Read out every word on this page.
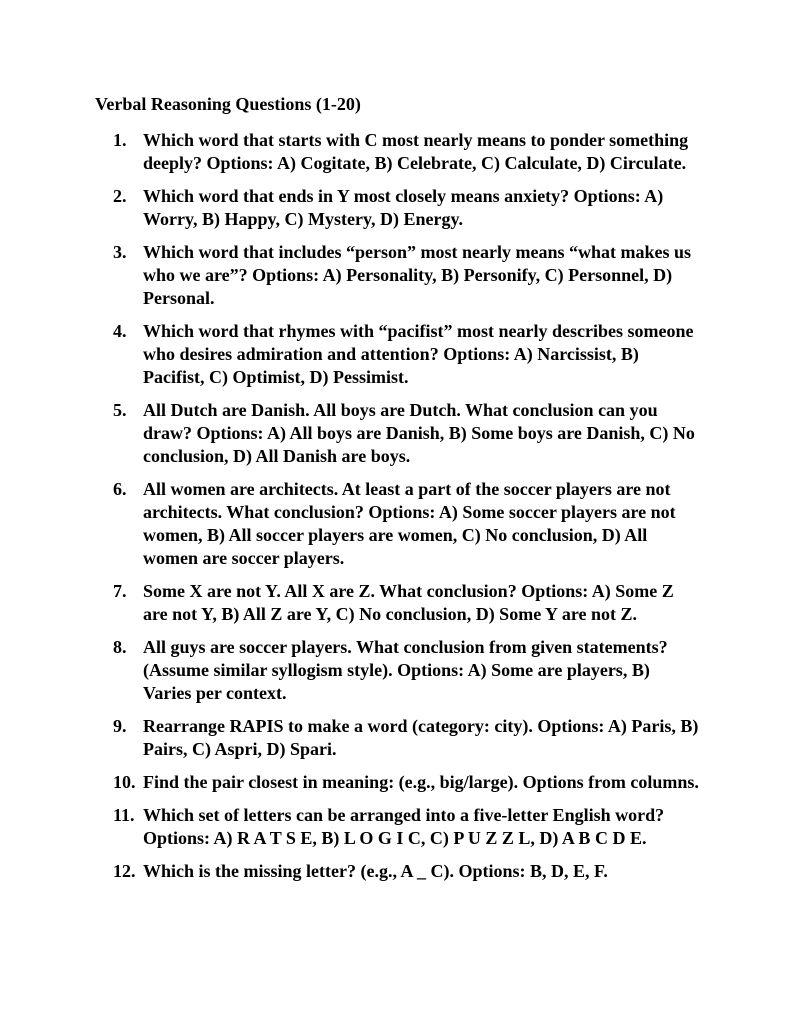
Verbal Reasoning Questions (1-20)
1. Which word that starts with C most nearly means to ponder something deeply? Options: A) Cogitate, B) Celebrate, C) Calculate, D) Circulate.
2. Which word that ends in Y most closely means anxiety? Options: A) Worry, B) Happy, C) Mystery, D) Energy.
3. Which word that includes “person” most nearly means “what makes us who we are”? Options: A) Personality, B) Personify, C) Personnel, D) Personal.
4. Which word that rhymes with “pacifist” most nearly describes someone who desires admiration and attention? Options: A) Narcissist, B) Pacifist, C) Optimist, D) Pessimist.
5. All Dutch are Danish. All boys are Dutch. What conclusion can you draw? Options: A) All boys are Danish, B) Some boys are Danish, C) No conclusion, D) All Danish are boys.
6. All women are architects. At least a part of the soccer players are not architects. What conclusion? Options: A) Some soccer players are not women, B) All soccer players are women, C) No conclusion, D) All women are soccer players.
7. Some X are not Y. All X are Z. What conclusion? Options: A) Some Z are not Y, B) All Z are Y, C) No conclusion, D) Some Y are not Z.
8. All guys are soccer players. What conclusion from given statements? (Assume similar syllogism style). Options: A) Some are players, B) Varies per context.
9. Rearrange RAPIS to make a word (category: city). Options: A) Paris, B) Pairs, C) Aspri, D) Spari.
10. Find the pair closest in meaning: (e.g., big/large). Options from columns.
11. Which set of letters can be arranged into a five-letter English word? Options: A) R A T S E, B) L O G I C, C) P U Z Z L, D) A B C D E.
12. Which is the missing letter? (e.g., A _ C). Options: B, D, E, F.
